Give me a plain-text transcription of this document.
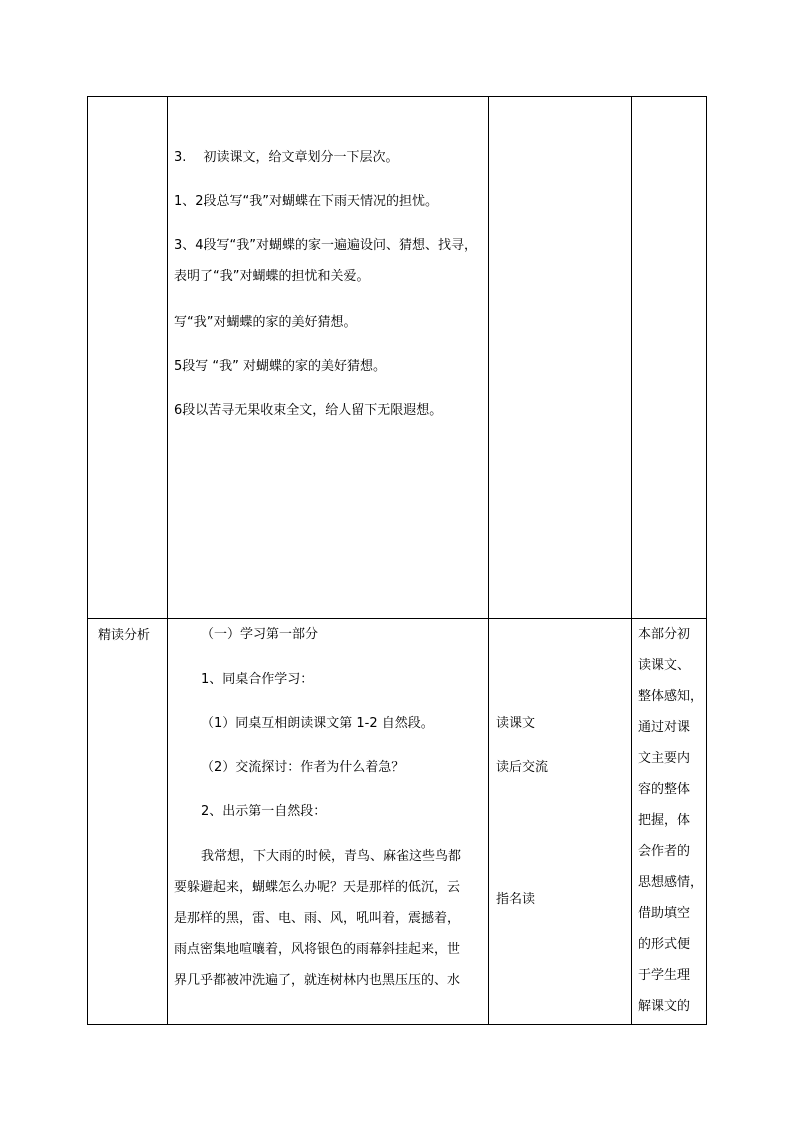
3.　 初读课文，给文章划分一下层次。
1、2段总写“我”对蝴蝶在下雨天情况的担忧。
3、4段写“我”对蝴蝶的家一遍遍设问、猜想、找寻，
表明了“我”对蝴蝶的担忧和关爱。
写“我”对蝴蝶的家的美好猜想。
5段写 “我” 对蝴蝶的家的美好猜想。
6段以苦寻无果收束全文，给人留下无限遐想。
精读分析	（一）学习第一部分
1、同桌合作学习：
（1）同桌互相朗读课文第 1-2 自然段。
（2）交流探讨：作者为什么着急？
2、出示第一自然段：
我常想，下大雨的时候，青鸟、麻雀这些鸟都
要躲避起来，蝴蝶怎么办呢？天是那样的低沉，云
是那样的黑，雷、电、雨、风，吼叫着，震撼着，
雨点密集地喧嚷着，风将银色的雨幕斜挂起来，世
界几乎都被冲洗遍了，就连树林内也黑压压的、水
读课文
读后交流
指名读
本部分初
读课文、
整体感知，
通过对课
文主要内
容的整体
把握，体
会作者的
思想感情，
借助填空
的形式便
于学生理
解课文的
